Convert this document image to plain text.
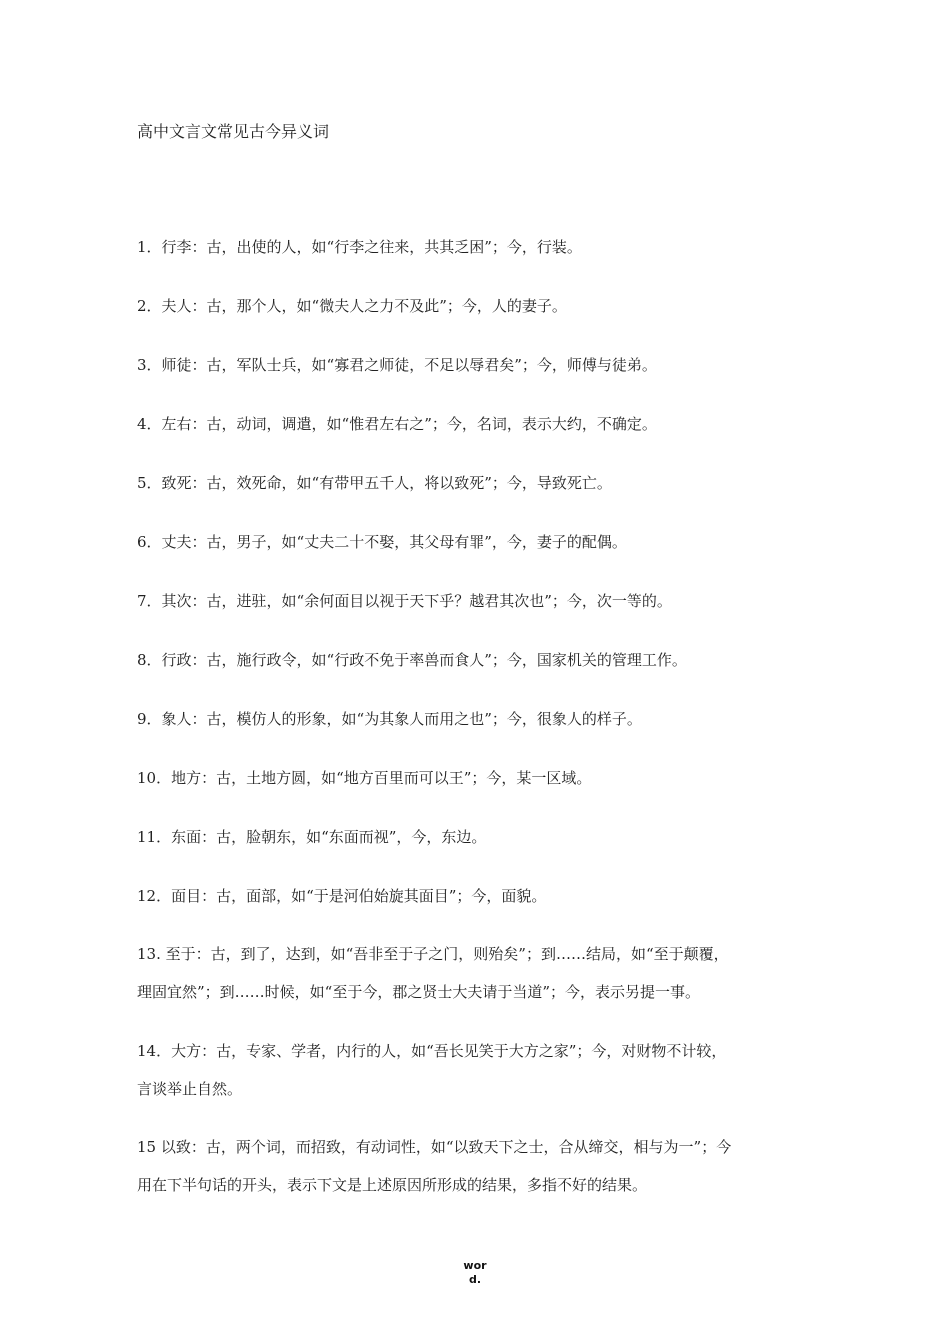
高中文言文常见古今异义词
1．行李：古，出使的人，如“行李之往来，共其乏困”；今，行装。
2．夫人：古，那个人，如“微夫人之力不及此”；今，人的妻子。
3．师徒：古，军队士兵，如“寡君之师徒，不足以辱君矣”；今，师傅与徒弟。
4．左右：古，动词，调遣，如“惟君左右之”；今，名词，表示大约，不确定。
5．致死：古，效死命，如“有带甲五千人，将以致死”；今，导致死亡。
6．丈夫：古，男子，如“丈夫二十不娶，其父母有罪”，今，妻子的配偶。
7．其次：古，进驻，如“余何面目以视于天下乎？越君其次也”；今，次一等的。
8．行政：古，施行政令，如“行政不免于率兽而食人”；今，国家机关的管理工作。
9．象人：古，模仿人的形象，如“为其象人而用之也”；今，很象人的样子。
10．地方：古，土地方圆，如“地方百里而可以王”；今，某一区域。
11．东面：古，脸朝东，如“东面而视”，今，东边。
12．面目：古，面部，如“于是河伯始旋其面目”；今，面貌。
13. 至于：古，到了，达到，如“吾非至于子之门，则殆矣”；到……结局，如“至于颠覆，
理固宜然”；到……时候，如“至于今，郡之贤士大夫请于当道”；今，表示另提一事。
14．大方：古，专家、学者，内行的人，如“吾长见笑于大方之家”；今，对财物不计较，
言谈举止自然。
15 以致：古，两个词，而招致，有动词性，如“以致天下之士，合从缔交，相与为一”；今
用在下半句话的开头，表示下文是上述原因所形成的结果，多指不好的结果。
wor
d.
